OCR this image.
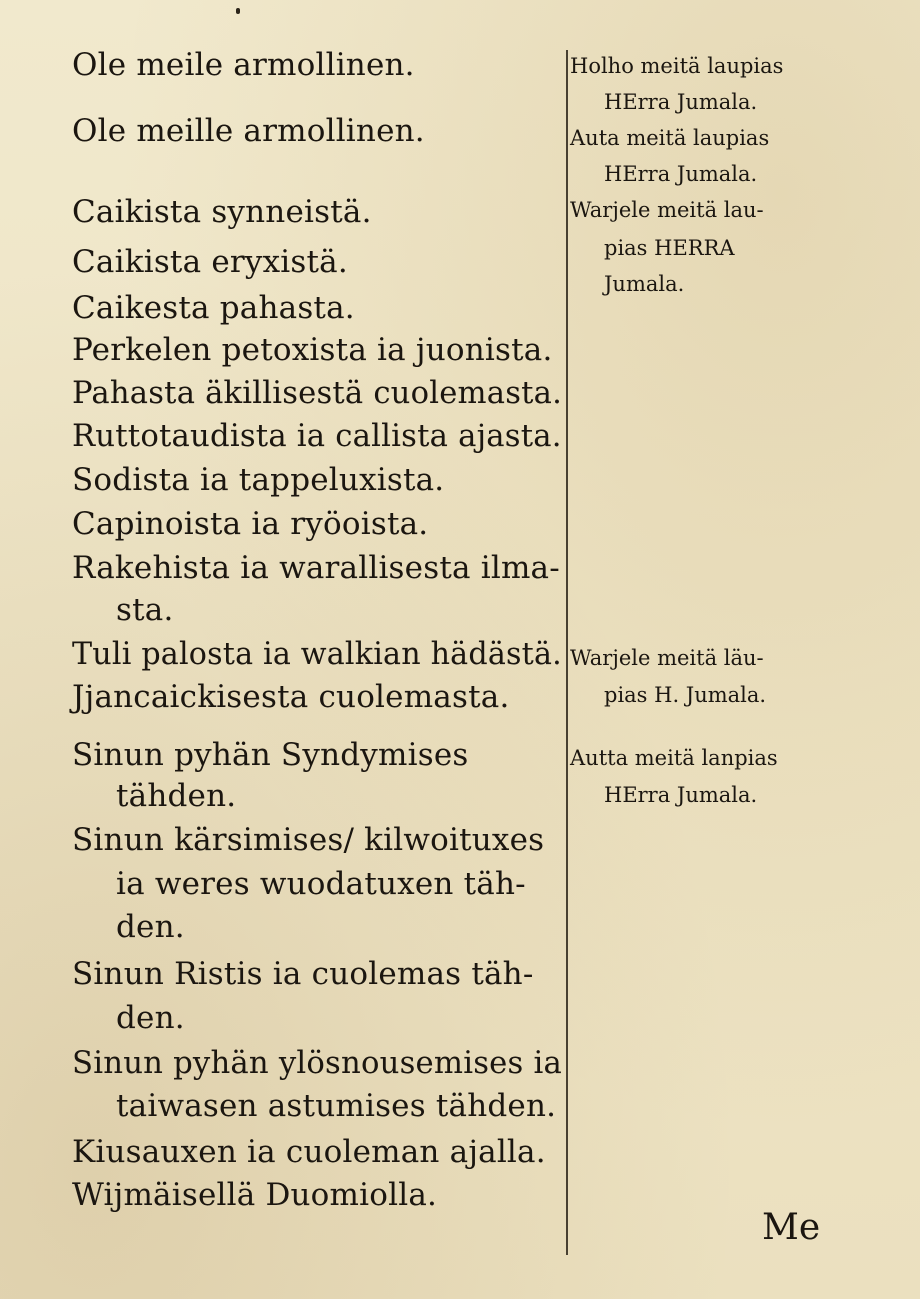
Ole meile armollinen.
Ole meille armollinen.
Caikista synneistä.
Caikista eryxistä.
Caikesta pahasta.
Perkelen petoxista ia juonista.
Pahasta äkillisestä cuolemasta.
Ruttotaudista ia callista ajasta.
Sodista ia tappeluxista.
Capinoista ia ryöoista.
Rakehista ia warallisesta ilma-
sta.
Tuli palosta ia walkian hädästä.
Jjancaickisesta cuolemasta.
Sinun pyhän Syndymises
tähden.
Sinun kärsimises/ kilwoituxes
ia weres wuodatuxen täh-
den.
Sinun Ristis ia cuolemas täh-
den.
Sinun pyhän ylösnousemises ia
taiwasen astumises tähden.
Kiusauxen ia cuoleman ajalla.
Wijmäisellä Duomiolla.
Holho meitä laupias
HErra Jumala.
Auta meitä laupias
HErra Jumala.
Warjele meitä lau-
pias HERRA
Jumala.
Warjele meitä läu-
pias H. Jumala.
Autta meitä lanpias
HErra Jumala.
Me
